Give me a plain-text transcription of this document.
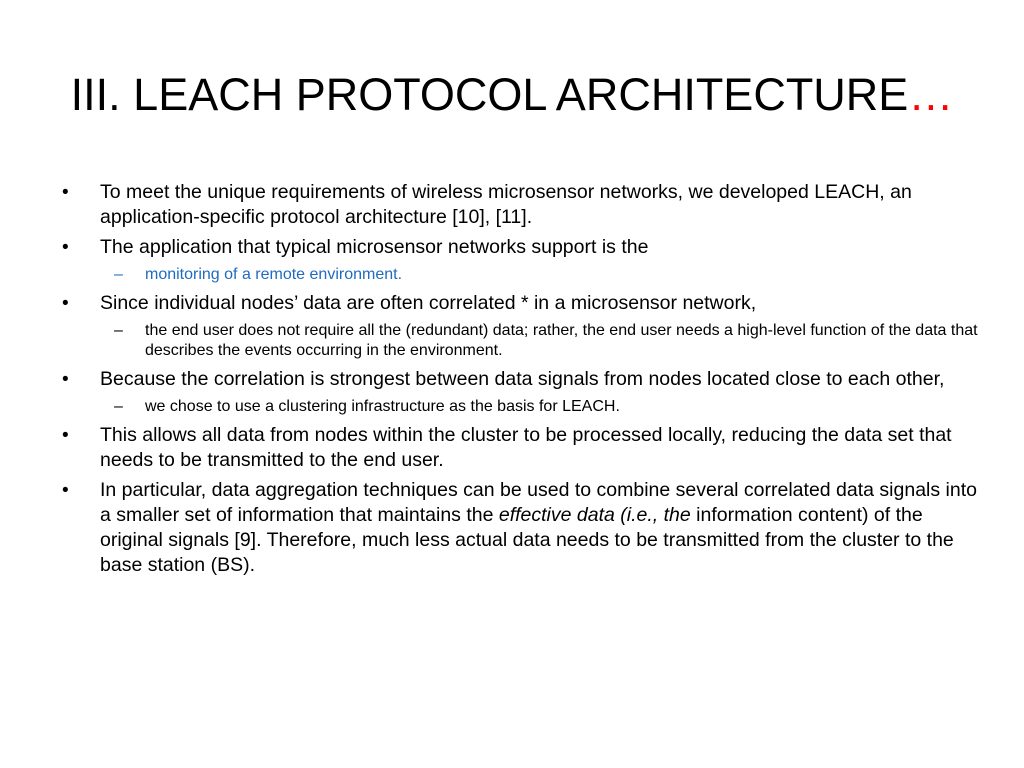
III. LEACH PROTOCOL ARCHITECTURE…
• To meet the unique requirements of wireless microsensor networks, we developed LEACH, an application-specific protocol architecture [10], [11].
• The application that typical microsensor networks support is the
– monitoring of a remote environment.
• Since individual nodes’ data are often correlated * in a microsensor network,
– the end user does not require all the (redundant) data; rather, the end user needs a high-level function of the data that describes the events occurring in the environment.
• Because the correlation is strongest between data signals from nodes located close to each other,
– we chose to use a clustering infrastructure as the basis for LEACH.
• This allows all data from nodes within the cluster to be processed locally, reducing the data set that needs to be transmitted to the end user.
• In particular, data aggregation techniques can be used to combine several correlated data signals into a smaller set of information that maintains the effective data (i.e., the information content) of the original signals [9]. Therefore, much less actual data needs to be transmitted from the cluster to the base station (BS).
